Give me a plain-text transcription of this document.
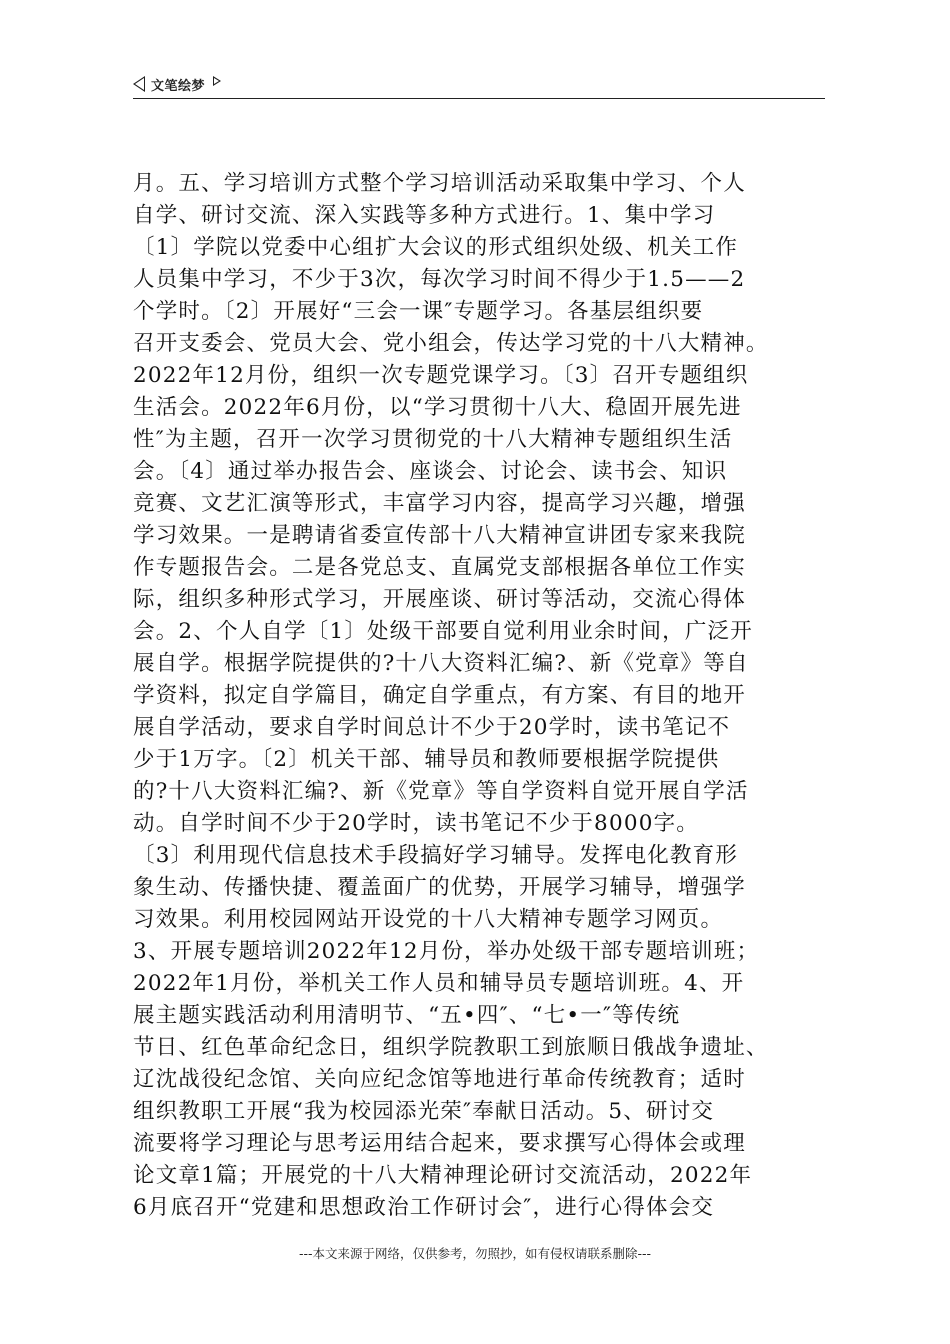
文笔绘梦
月。五、学习培训方式整个学习培训活动采取集中学习、个人
自学、研讨交流、深入实践等多种方式进行。1、集中学习
〔1〕学院以党委中心组扩大会议的形式组织处级、机关工作
人员集中学习，不少于3次，每次学习时间不得少于1.5——2
个学时。〔2〕开展好“三会一课″专题学习。各基层组织要
召开支委会、党员大会、党小组会，传达学习党的十八大精神。
2022年12月份，组织一次专题党课学习。〔3〕召开专题组织
生活会。2022年6月份，以“学习贯彻十八大、稳固开展先进
性″为主题，召开一次学习贯彻党的十八大精神专题组织生活
会。〔4〕通过举办报告会、座谈会、讨论会、读书会、知识
竞赛、文艺汇演等形式，丰富学习内容，提高学习兴趣，增强
学习效果。一是聘请省委宣传部十八大精神宣讲团专家来我院
作专题报告会。二是各党总支、直属党支部根据各单位工作实
际，组织多种形式学习，开展座谈、研讨等活动，交流心得体
会。2、个人自学〔1〕处级干部要自觉利用业余时间，广泛开
展自学。根据学院提供的?十八大资料汇编?、新《党章》等自
学资料，拟定自学篇目，确定自学重点，有方案、有目的地开
展自学活动，要求自学时间总计不少于20学时，读书笔记不
少于1万字。〔2〕机关干部、辅导员和教师要根据学院提供
的?十八大资料汇编?、新《党章》等自学资料自觉开展自学活
动。自学时间不少于20学时，读书笔记不少于8000字。
〔3〕利用现代信息技术手段搞好学习辅导。发挥电化教育形
象生动、传播快捷、覆盖面广的优势，开展学习辅导，增强学
习效果。利用校园网站开设党的十八大精神专题学习网页。
3、开展专题培训2022年12月份，举办处级干部专题培训班；
2022年1月份，举机关工作人员和辅导员专题培训班。4、开
展主题实践活动利用清明节、“五•四″、“七•一″等传统
节日、红色革命纪念日，组织学院教职工到旅顺日俄战争遗址、
辽沈战役纪念馆、关向应纪念馆等地进行革命传统教育；适时
组织教职工开展“我为校园添光荣″奉献日活动。5、研讨交
流要将学习理论与思考运用结合起来，要求撰写心得体会或理
论文章1篇；开展党的十八大精神理论研讨交流活动，2022年
6月底召开“党建和思想政治工作研讨会″，进行心得体会交
---本文来源于网络，仅供参考，勿照抄，如有侵权请联系删除---
